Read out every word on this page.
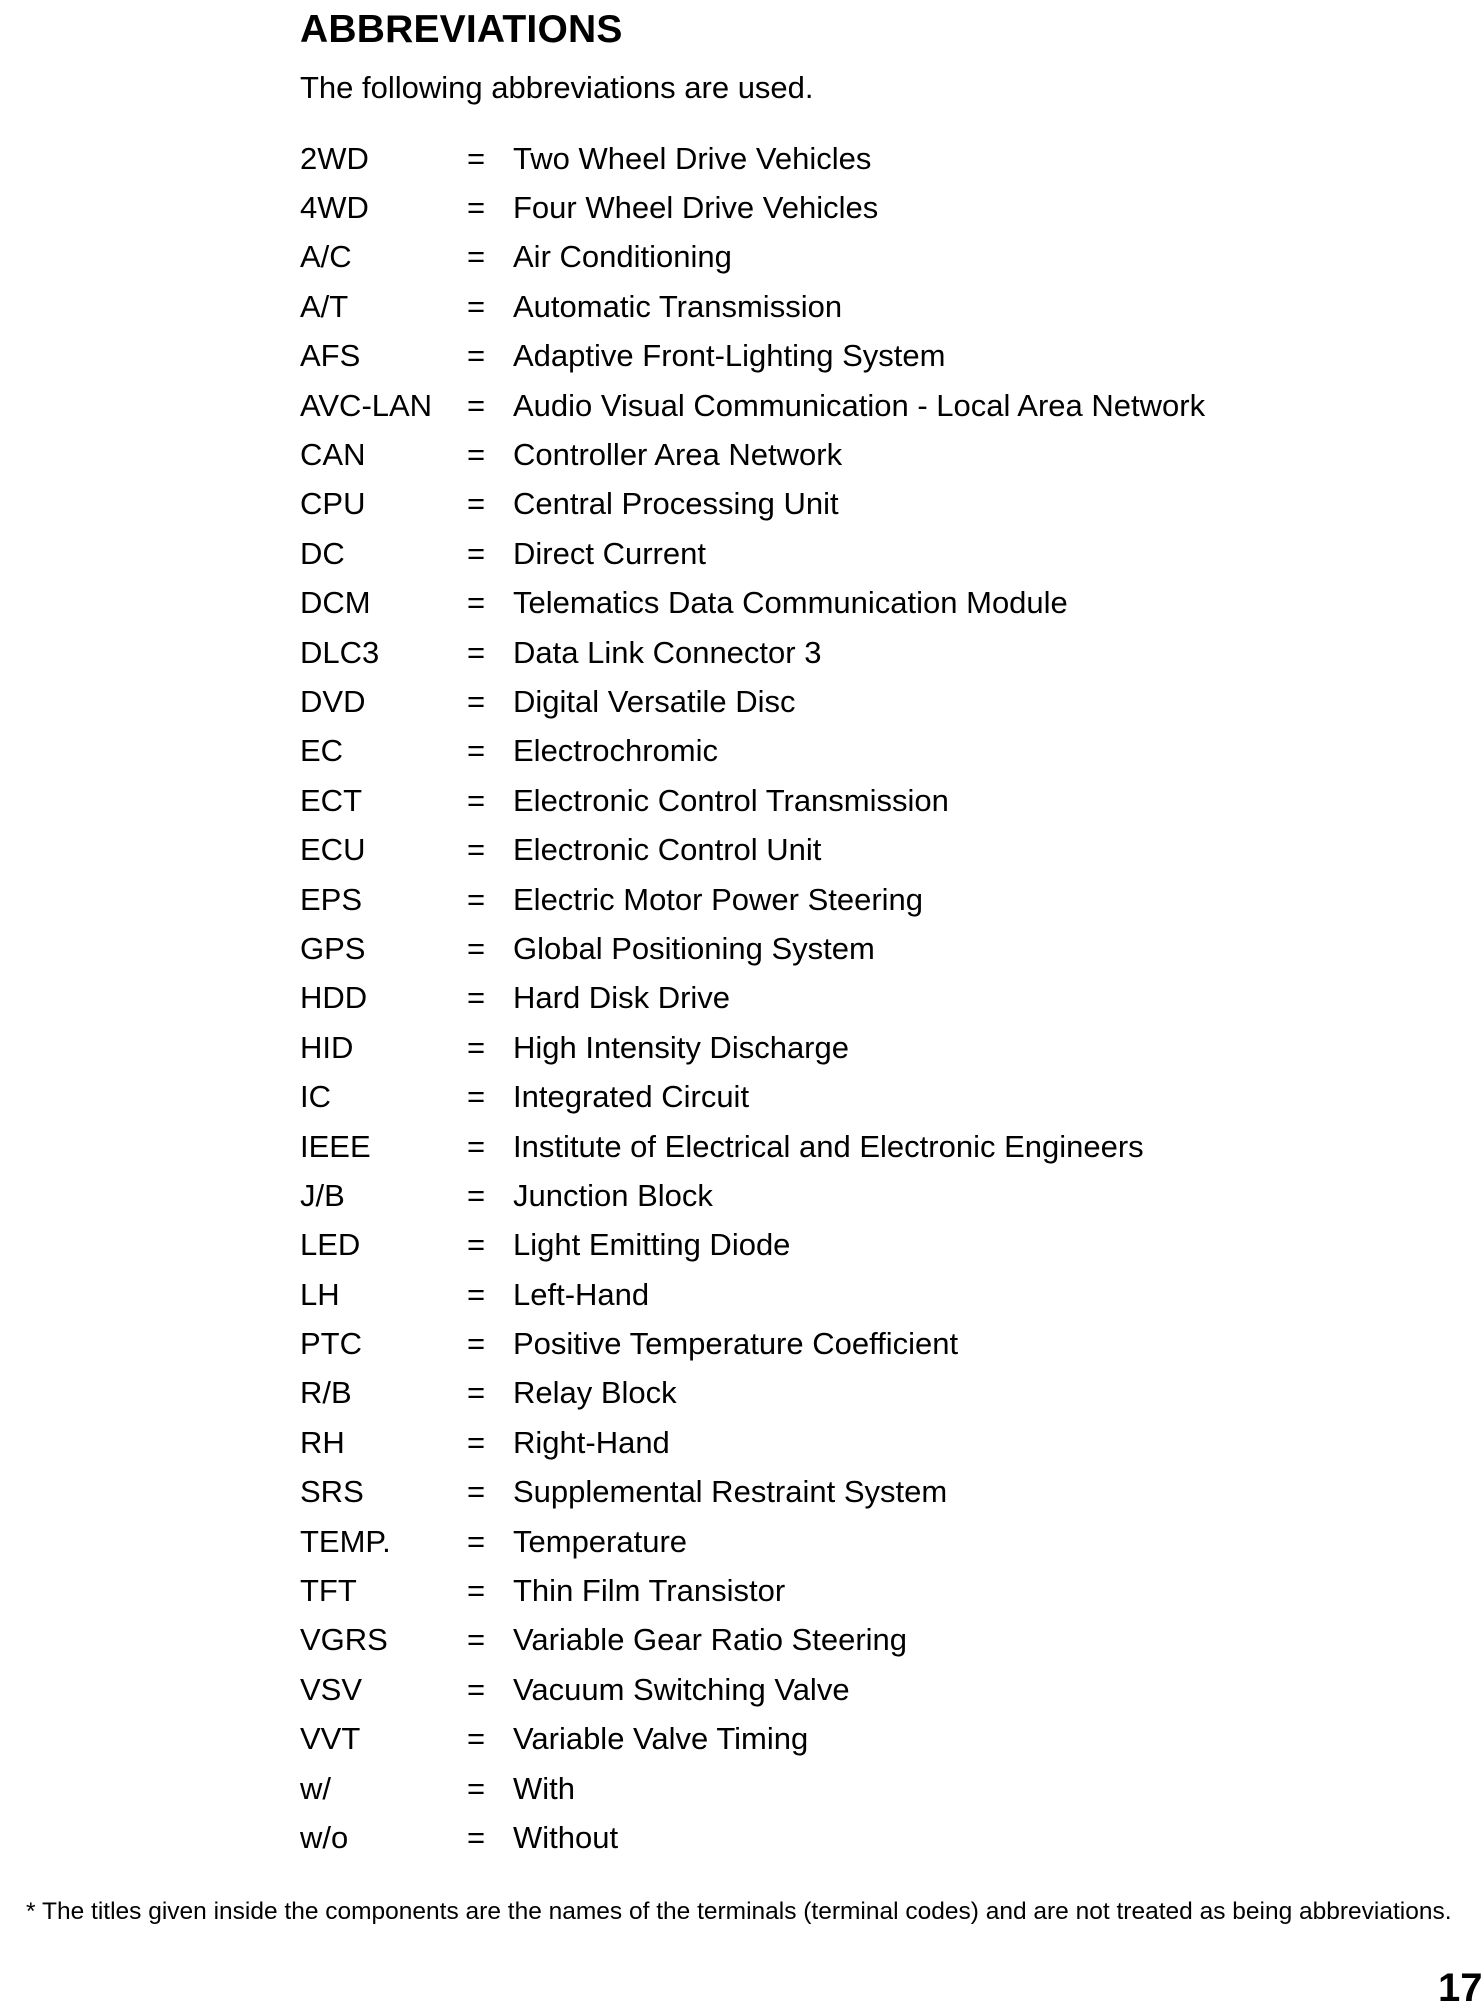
ABBREVIATIONS
The following abbreviations are used.
2WD	= Two Wheel Drive Vehicles
4WD	= Four Wheel Drive Vehicles
A/C	= Air Conditioning
A/T	= Automatic Transmission
AFS	= Adaptive Front-Lighting System
AVC-LAN	= Audio Visual Communication - Local Area Network
CAN	= Controller Area Network
CPU	= Central Processing Unit
DC	= Direct Current
DCM	= Telematics Data Communication Module
DLC3	= Data Link Connector 3
DVD	= Digital Versatile Disc
EC	= Electrochromic
ECT	= Electronic Control Transmission
ECU	= Electronic Control Unit
EPS	= Electric Motor Power Steering
GPS	= Global Positioning System
HDD	= Hard Disk Drive
HID	= High Intensity Discharge
IC	= Integrated Circuit
IEEE	= Institute of Electrical and Electronic Engineers
J/B	= Junction Block
LED	= Light Emitting Diode
LH	= Left-Hand
PTC	= Positive Temperature Coefficient
R/B	= Relay Block
RH	= Right-Hand
SRS	= Supplemental Restraint System
TEMP.	= Temperature
TFT	= Thin Film Transistor
VGRS	= Variable Gear Ratio Steering
VSV	= Vacuum Switching Valve
VVT	= Variable Valve Timing
w/	= With
w/o	= Without
* The titles given inside the components are the names of the terminals (terminal codes) and are not treated as being abbreviations.
17
